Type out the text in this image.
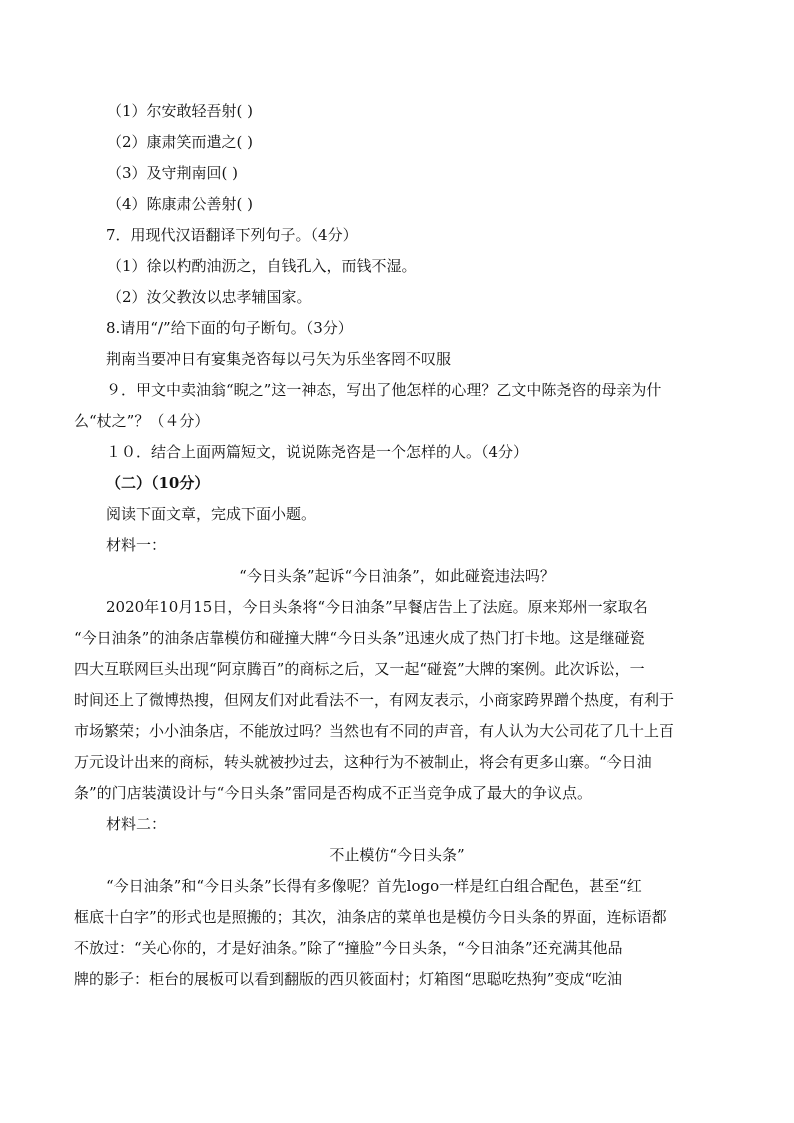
（1）尔安敢轻吾射( )
（2）康肃笑而遣之( )
（3）及守荆南回( )
（4）陈康肃公善射( )
7．用现代汉语翻译下列句子。（4分）
（1）徐以杓酌油沥之，自钱孔入，而钱不湿。
（2）汝父教汝以忠孝辅国家。
8.请用“/”给下面的句子断句。（3分）
荆南当要冲日有宴集尧咨每以弓矢为乐坐客罔不叹服
９．甲文中卖油翁“睨之”这一神态，写出了他怎样的心理？乙文中陈尧咨的母亲为什
么“杖之”？（４分）
１０．结合上面两篇短文，说说陈尧咨是一个怎样的人。（4分）
（二）（10分）
阅读下面文章，完成下面小题。
材料一：
“今日头条”起诉“今日油条”，如此碰瓷违法吗？
2020年10月15日，今日头条将“今日油条”早餐店告上了法庭。原来郑州一家取名
“今日油条”的油条店靠模仿和碰撞大牌“今日头条”迅速火成了热门打卡地。这是继碰瓷
四大互联网巨头出现“阿京腾百”的商标之后，又一起“碰瓷”大牌的案例。此次诉讼，一
时间还上了微博热搜，但网友们对此看法不一，有网友表示，小商家跨界蹭个热度，有利于
市场繁荣；小小油条店，不能放过吗？当然也有不同的声音，有人认为大公司花了几十上百
万元设计出来的商标，转头就被抄过去，这种行为不被制止，将会有更多山寨。“今日油
条”的门店装潢设计与“今日头条”雷同是否构成不正当竞争成了最大的争议点。
材料二：
不止模仿“今日头条”
“今日油条”和“今日头条”长得有多像呢？首先logo一样是红白组合配色，甚至“红
框底十白字”的形式也是照搬的；其次，油条店的菜单也是模仿今日头条的界面，连标语都
不放过：“关心你的，才是好油条。”除了“撞脸”今日头条，“今日油条”还充满其他品
牌的影子：柜台的展板可以看到翻版的西贝筱面村；灯箱图“思聪吃热狗”变成“吃油
